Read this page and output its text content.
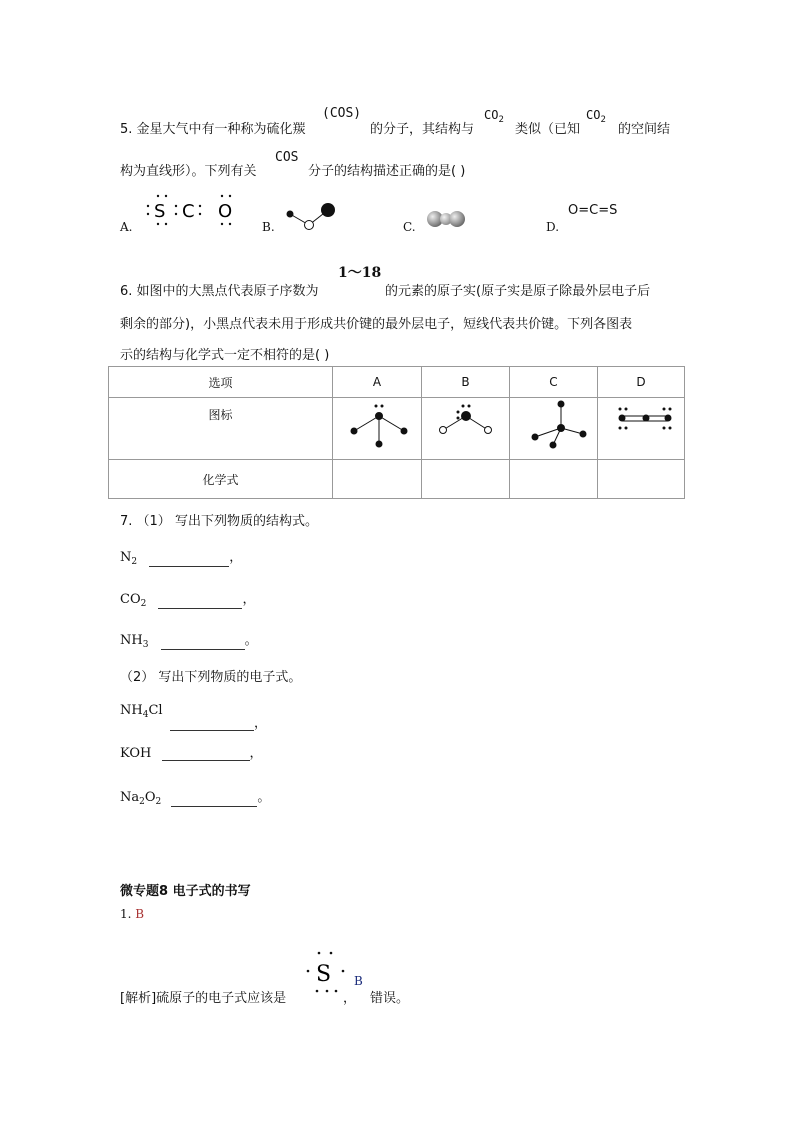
5. 金星大气中有一种称为硫化羰
(COS)
的分子，其结构与
$CO_2$
类似（已知
$CO_2$
的空间结
构为直线形）。下列有关
COS
分子的结构描述正确的是( )
A.
S C O
B.	C.	D.
O=C=S
6. 如图中的大黑点代表原子序数为
1～18
的元素的原子实(原子实是原子除最外层电子后
剩余的部分)，小黑点代表未用于形成共价键的最外层电子，短线代表共价键。下列各图表
示的结构与化学式一定不相符的是( )
选项	A	B	C	D
图标				
化学式				
7. （1） 写出下列物质的结构式。
$N_2$	，
$CO_2$	，
$NH_3$	。
（2） 写出下列物质的电子式。
$NH_4Cl$
，
KOH	，
$Na_2O_2$	。
微专题8 电子式的书写
1. B
[解析]硫原子的电子式应该是
S
，
B
错误。
